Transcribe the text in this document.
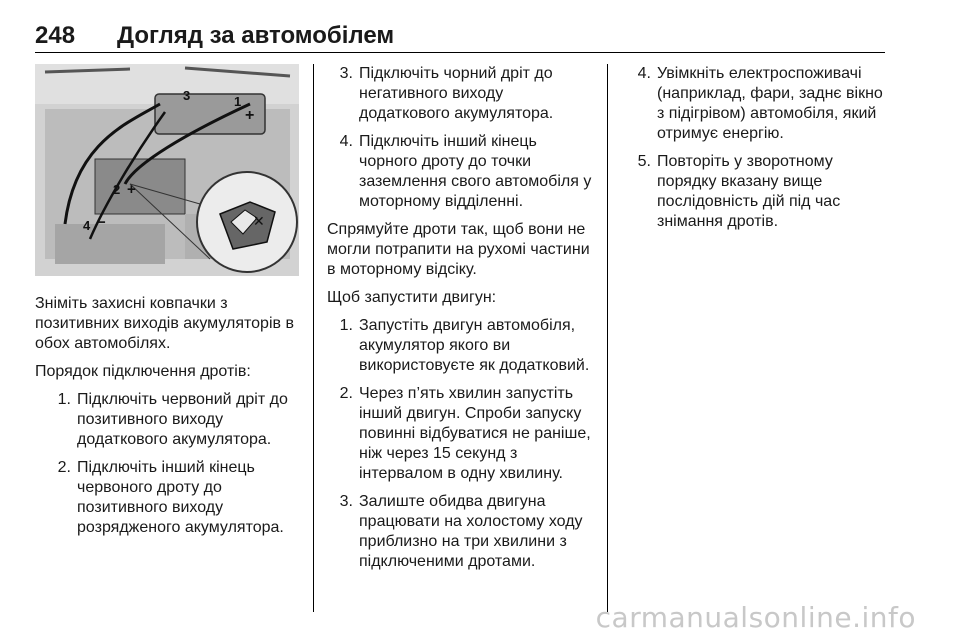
248 Догляд за автомобілем
✕
3	1
+
2 +
4 −

Зніміть захисні ковпачки з позитивних виходів акумуляторів в обох автомобілях.

Порядок підключення дротів:

1. Підключіть червоний дріт до позитивного виходу додаткового акумулятора.
2. Підключіть інший кінець червоного дроту до позитивного виходу розрядженого акумулятора.
3. Підключіть чорний дріт до негативного виходу додаткового акумулятора.
4. Підключіть інший кінець чорного дроту до точки заземлення свого автомобіля у моторному відділенні.

Спрямуйте дроти так, щоб вони не могли потрапити на рухомі частини в моторному відсіку.

Щоб запустити двигун:

1. Запустіть двигун автомобіля, акумулятор якого ви використовуєте як додатковий.
2. Через п’ять хвилин запустіть інший двигун. Спроби запуску повинні відбуватися не раніше, ніж через 15 секунд з інтервалом в одну хвилину.
3. Залиште обидва двигуна працювати на холостому ходу приблизно на три хвилини з підключеними дротами.
4. Увімкніть електроспоживачі (наприклад, фари, заднє вікно з підігрівом) автомобіля, який отримує енергію.
5. Повторіть у зворотному порядку вказану вище послідовність дій під час знімання дротів.
carmanualsonline.info
